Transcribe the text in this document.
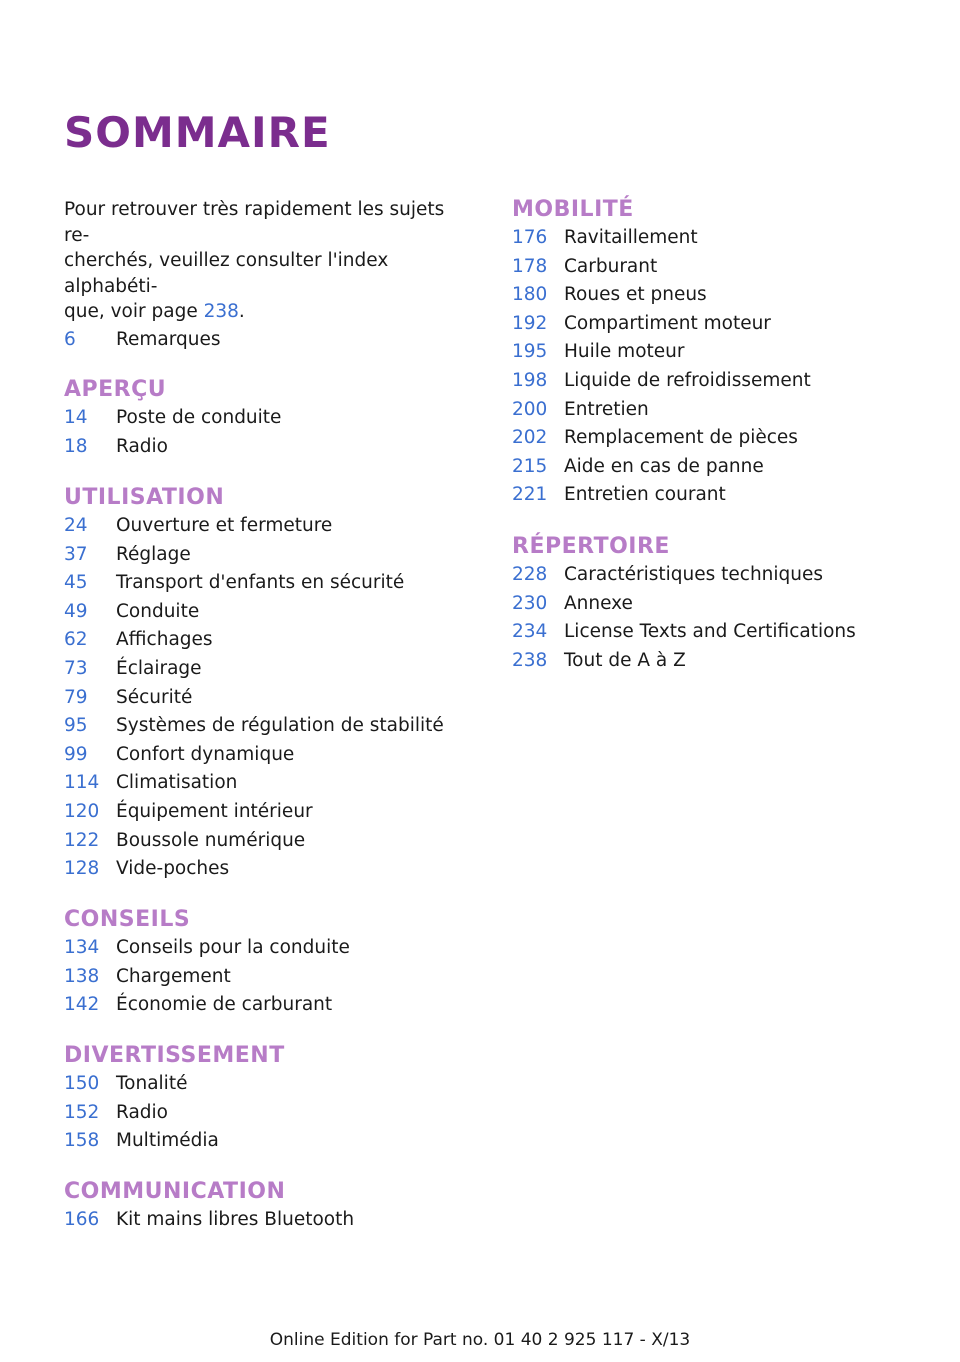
SOMMAIRE
Pour retrouver très rapidement les sujets re-
cherchés, veuillez consulter l'index alphabéti-
que, voir page 238.
6	Remarques
APERÇU
14	Poste de conduite
18	Radio
UTILISATION
24	Ouverture et fermeture
37	Réglage
45	Transport d'enfants en sécurité
49	Conduite
62	Affichages
73	Éclairage
79	Sécurité
95	Systèmes de régulation de stabilité
99	Confort dynamique
114 Climatisation
120 Équipement intérieur
122 Boussole numérique
128 Vide-poches
CONSEILS
134 Conseils pour la conduite
138 Chargement
142 Économie de carburant
DIVERTISSEMENT
150 Tonalité
152 Radio
158 Multimédia
COMMUNICATION
166 Kit mains libres Bluetooth
MOBILITÉ
176 Ravitaillement
178 Carburant
180 Roues et pneus
192 Compartiment moteur
195 Huile moteur
198 Liquide de refroidissement
200 Entretien
202 Remplacement de pièces
215 Aide en cas de panne
221 Entretien courant
RÉPERTOIRE
228 Caractéristiques techniques
230 Annexe
234 License Texts and Certifications
238 Tout de A à Z
Online Edition for Part no. 01 40 2 925 117 - X/13
